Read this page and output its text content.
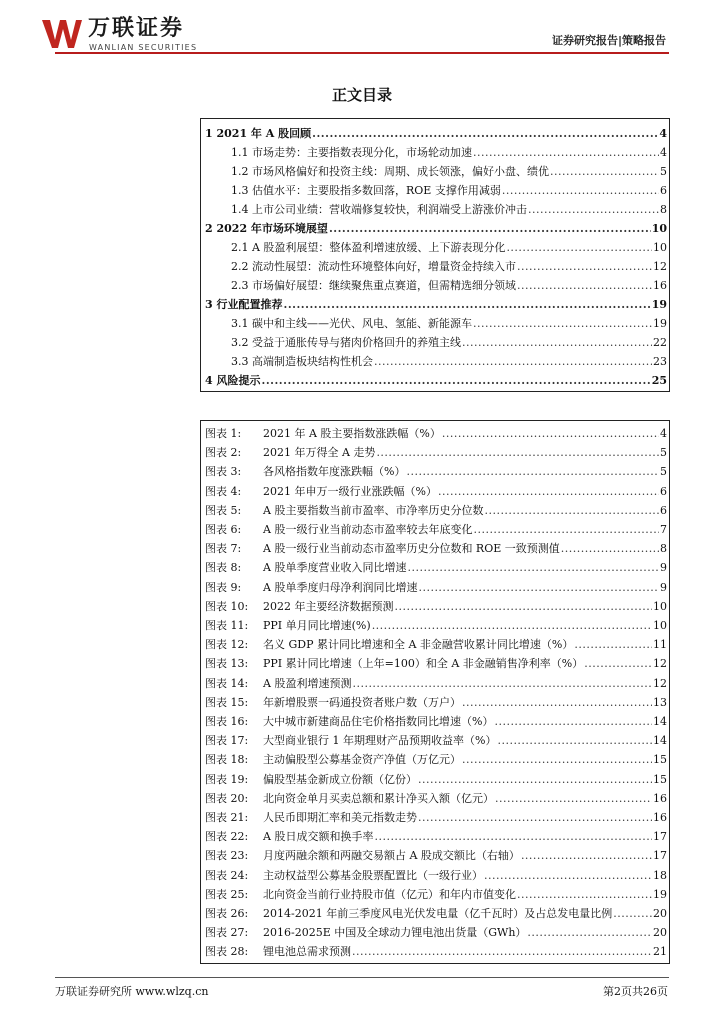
万联证券
WANLIAN SECURITIES
证券研究报告|策略报告
正文目录
1 2021 年 A 股回顾 .....	4
1.1 市场走势：主要指数表现分化，市场轮动加速 .....	4
1.2 市场风格偏好和投资主线：周期、成长领涨，偏好小盘、绩优 .....	5
1.3 估值水平：主要股指多数回落，ROE 支撑作用减弱 .....	6
1.4 上市公司业绩：营收端修复较快，利润端受上游涨价冲击 .....	8
2 2022 年市场环境展望 .....	10
2.1 A 股盈利展望：整体盈利增速放缓、上下游表现分化 .....	10
2.2 流动性展望：流动性环境整体向好，增量资金持续入市 .....	12
2.3 市场偏好展望：继续聚焦重点赛道，但需精选细分领域 .....	16
3 行业配置推荐 .....	19
3.1 碳中和主线——光伏、风电、氢能、新能源车 .....	19
3.2 受益于通胀传导与猪肉价格回升的养殖主线 .....	22
3.3 高端制造板块结构性机会 .....	23
4 风险提示 .....	25
图表 1:	2021 年 A 股主要指数涨跌幅（%） .....	4
图表 2:	2021 年万得全 A 走势 .....	5
图表 3:	各风格指数年度涨跌幅（%） .....	5
图表 4:	2021 年申万一级行业涨跌幅（%） .....	6
图表 5:	A 股主要指数当前市盈率、市净率历史分位数 .....	6
图表 6:	A 股一级行业当前动态市盈率较去年底变化 .....	7
图表 7:	A 股一级行业当前动态市盈率历史分位数和 ROE 一致预测值 .....	8
图表 8:	A 股单季度营业收入同比增速 .....	9
图表 9:	A 股单季度归母净利润同比增速 .....	9
图表 10:	2022 年主要经济数据预测 .....	10
图表 11:	PPI 单月同比增速(%) .....	10
图表 12:	名义 GDP 累计同比增速和全 A 非金融营收累计同比增速（%） .....	11
图表 13:	PPI 累计同比增速（上年=100）和全 A 非金融销售净利率（%） .....	12
图表 14:	A 股盈利增速预测 .....	12
图表 15:	年新增股票一码通投资者账户数（万户） .....	13
图表 16:	大中城市新建商品住宅价格指数同比增速（%） .....	14
图表 17:	大型商业银行 1 年期理财产品预期收益率（%） .....	14
图表 18:	主动偏股型公募基金资产净值（万亿元） .....	15
图表 19:	偏股型基金新成立份额（亿份） .....	15
图表 20:	北向资金单月买卖总额和累计净买入额（亿元） .....	16
图表 21:	人民币即期汇率和美元指数走势 .....	16
图表 22:	A 股日成交额和换手率 .....	17
图表 23:	月度两融余额和两融交易额占 A 股成交额比（右轴） .....	17
图表 24:	主动权益型公募基金股票配置比（一级行业） .....	18
图表 25:	北向资金当前行业持股市值（亿元）和年内市值变化 .....	19
图表 26:	2014-2021 年前三季度风电光伏发电量（亿千瓦时）及占总发电量比例 .....	20
图表 27:	2016-2025E 中国及全球动力锂电池出货量（GWh） .....	20
图表 28:	锂电池总需求预测 .....	21
万联证券研究所 www.wlzq.cn	第2页共26页
